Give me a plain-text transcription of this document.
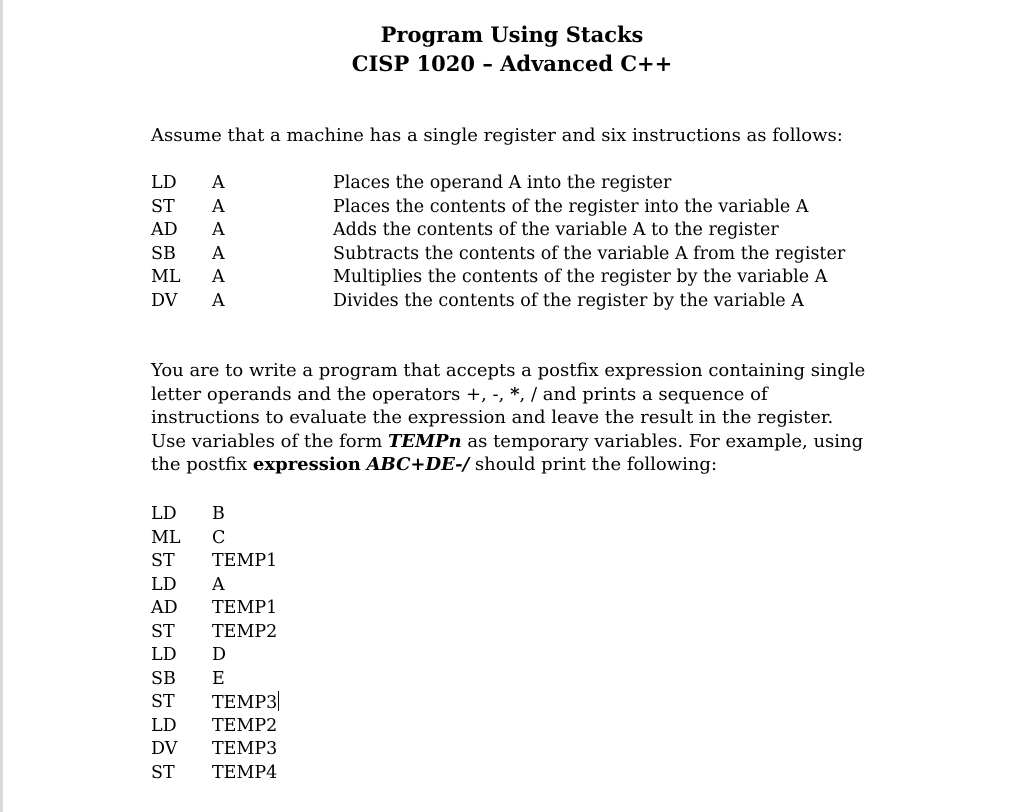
Program Using Stacks
CISP 1020 – Advanced C++
Assume that a machine has a single register and six instructions as follows:
LD A	Places the operand A into the register
ST A	Places the contents of the register into the variable A
AD A	Adds the contents of the variable A to the register
SB A	Subtracts the contents of the variable A from the register
ML A	Multiplies the contents of the register by the variable A
DV A	Divides the contents of the register by the variable A

You are to write a program that accepts a postfix expression containing single letter operands and the operators +, -, *, / and prints a sequence of instructions to evaluate the expression and leave the result in the register. Use variables of the form TEMPn as temporary variables. For example, using the postfix expression ABC+DE-/ should print the following:

LD B
ML C
ST TEMP1
LD A
AD TEMP1
ST TEMP2
LD D
SB E
ST TEMP3
LD TEMP2
DV TEMP3
ST TEMP4
